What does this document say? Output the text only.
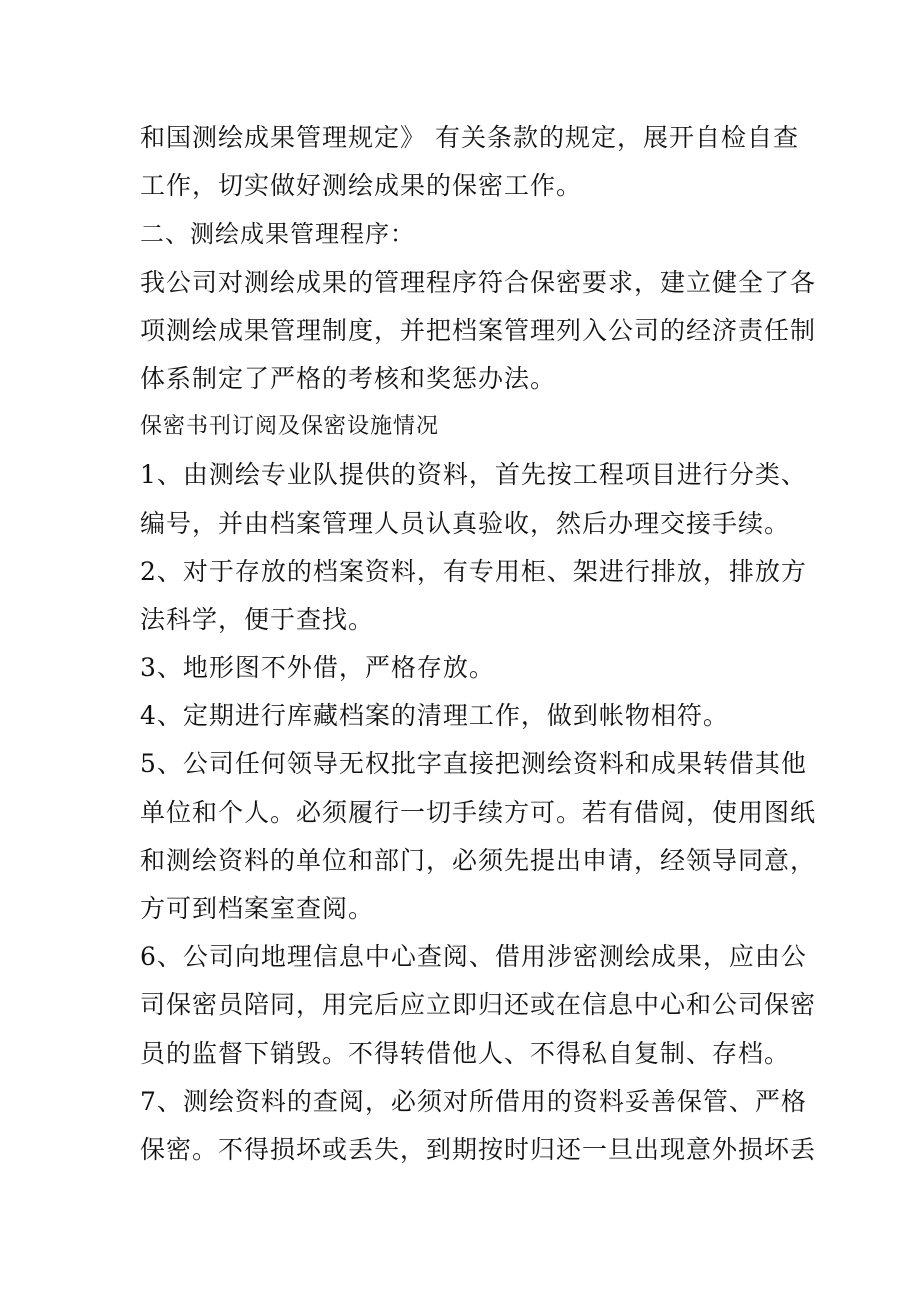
和国测绘成果管理规定》 有关条款的规定，展开自检自查
工作，切实做好测绘成果的保密工作。
二、测绘成果管理程序：
我公司对测绘成果的管理程序符合保密要求，建立健全了各
项测绘成果管理制度，并把档案管理列入公司的经济责任制
体系制定了严格的考核和奖惩办法。
保密书刊订阅及保密设施情况
1、由测绘专业队提供的资料，首先按工程项目进行分类、
编号，并由档案管理人员认真验收，然后办理交接手续。
2、对于存放的档案资料，有专用柜、架进行排放，排放方
法科学，便于查找。
3、地形图不外借，严格存放。
4、定期进行库藏档案的清理工作，做到帐物相符。
5、公司任何领导无权批字直接把测绘资料和成果转借其他
单位和个人。必须履行一切手续方可。若有借阅，使用图纸
和测绘资料的单位和部门，必须先提出申请，经领导同意，
方可到档案室查阅。
6、公司向地理信息中心查阅、借用涉密测绘成果，应由公
司保密员陪同，用完后应立即归还或在信息中心和公司保密
员的监督下销毁。不得转借他人、不得私自复制、存档。
7、测绘资料的查阅，必须对所借用的资料妥善保管、严格
保密。不得损坏或丢失，到期按时归还一旦出现意外损坏丢
